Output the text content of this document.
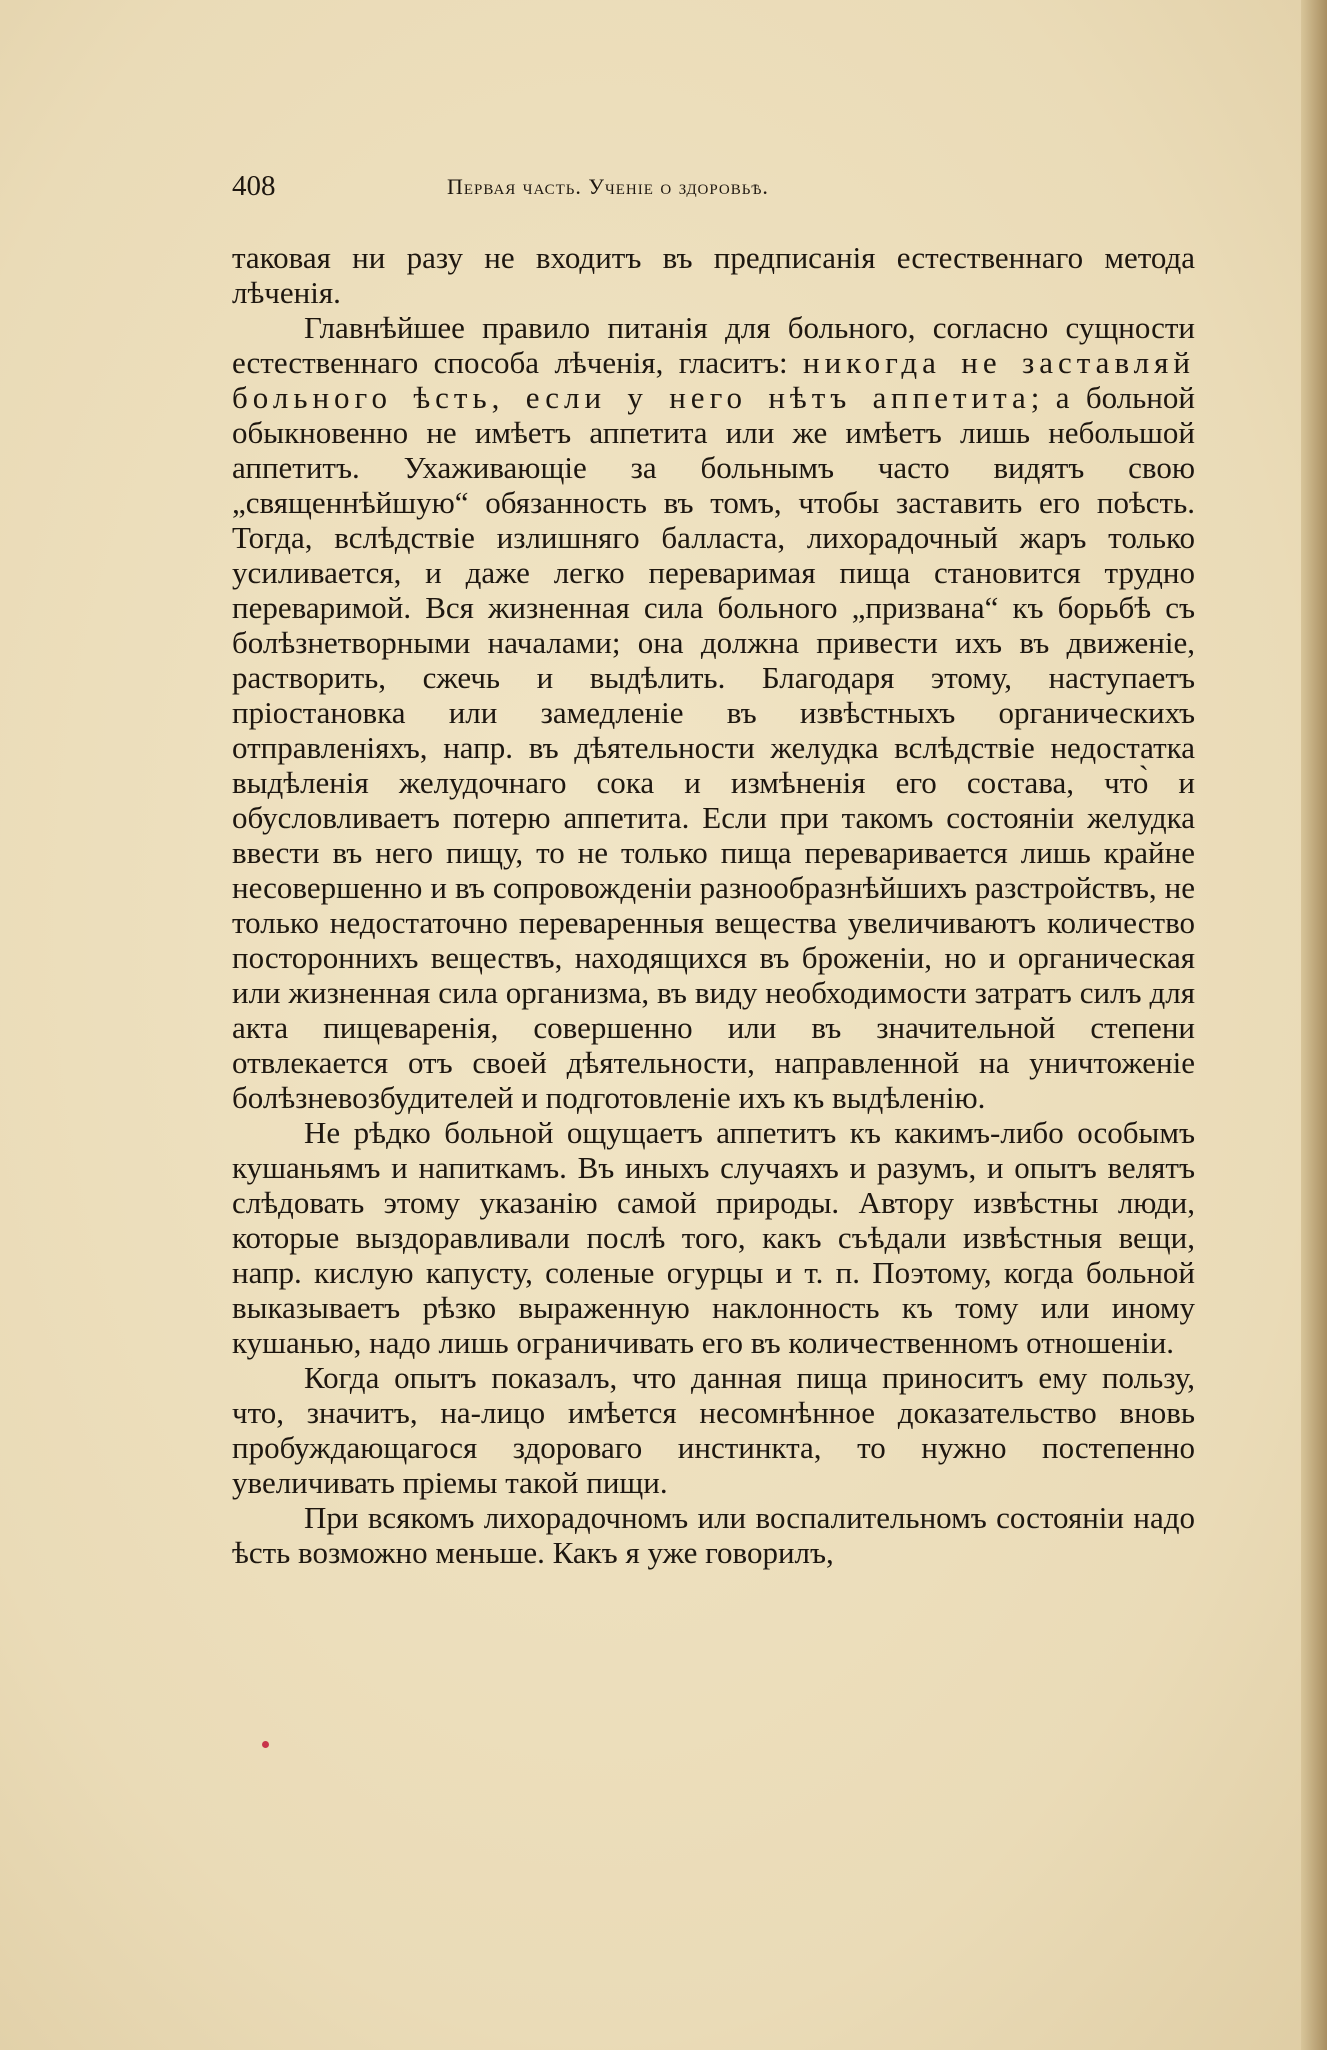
408	Первая часть. Ученіе о здоровьѣ.

таковая ни разу не входитъ въ предписанія естественнаго метода лѣченія.

Главнѣйшее правило питанія для больного, согласно сущности естественнаго способа лѣченія, гласитъ: никогда не заставляй больного ѣсть, если у него нѣтъ аппетита; а больной обыкновенно не имѣетъ аппетита или же имѣетъ лишь небольшой аппетитъ. Ухаживающіе за больнымъ часто видятъ свою „священнѣйшую“ обязанность въ томъ, чтобы заставить его поѣсть. Тогда, вслѣдствіе излишняго балласта, лихорадочный жаръ только усиливается, и даже легко переваримая пища становится трудно переваримой. Вся жизненная сила больного „призвана“ къ борьбѣ съ болѣзнетворными началами; она должна привести ихъ въ движеніе, растворить, сжечь и выдѣлить. Благодаря этому, наступаетъ пріостановка или замедленіе въ извѣстныхъ органическихъ отправленіяхъ, напр. въ дѣятельности желудка вслѣдствіе недостатка выдѣленія желудочнаго сока и измѣненія его состава, что̀ и обусловливаетъ потерю аппетита. Если при такомъ состояніи желудка ввести въ него пищу, то не только пища переваривается лишь крайне несовершенно и въ сопровожденіи разнообразнѣйшихъ разстройствъ, не только недостаточно переваренныя вещества увеличиваютъ количество постороннихъ веществъ, находящихся въ броженіи, но и органическая или жизненная сила организма, въ виду необходимости затратъ силъ для акта пищеваренія, совершенно или въ значительной степени отвлекается отъ своей дѣятельности, направленной на уничтоженіе болѣзневозбудителей и подготовленіе ихъ къ выдѣленію.

Не рѣдко больной ощущаетъ аппетитъ къ какимъ-либо особымъ кушаньямъ и напиткамъ. Въ иныхъ случаяхъ и разумъ, и опытъ велятъ слѣдовать этому указанію самой природы. Автору извѣстны люди, которые выздоравливали послѣ того, какъ съѣдали извѣстныя вещи, напр. кислую капусту, соленые огурцы и т. п. Поэтому, когда больной выказываетъ рѣзко выраженную наклонность къ тому или иному кушанью, надо лишь ограничивать его въ количественномъ отношеніи.

Когда опытъ показалъ, что данная пища приноситъ ему пользу, что, значитъ, на-лицо имѣется несомнѣнное доказательство вновь пробуждающагося здороваго инстинкта, то нужно постепенно увеличивать пріемы такой пищи.

При всякомъ лихорадочномъ или воспалительномъ состояніи надо ѣсть возможно меньше. Какъ я уже говорилъ,
